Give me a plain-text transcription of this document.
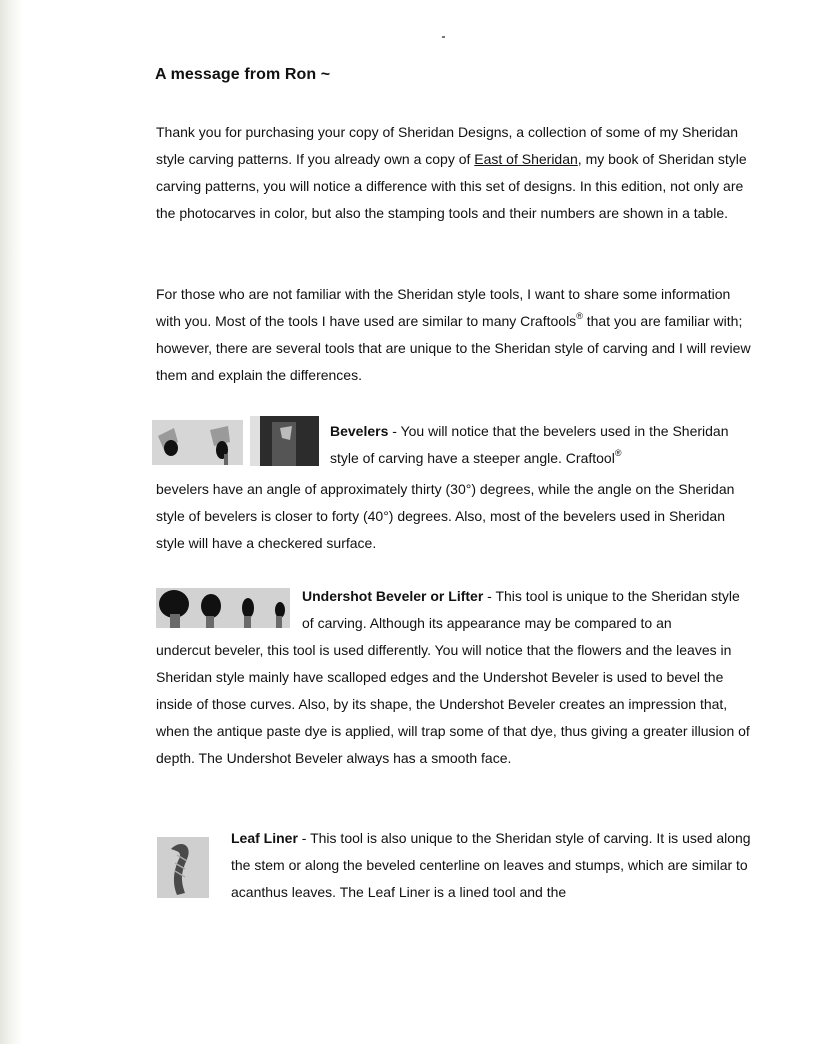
A message from Ron ~

Thank you for purchasing your copy of Sheridan Designs, a collection of some of my Sheridan style carving patterns. If you already own a copy of East of Sheridan, my book of Sheridan style carving patterns, you will notice a difference with this set of designs. In this edition, not only are the photocarves in color, but also the stamping tools and their numbers are shown in a table.

For those who are not familiar with the Sheridan style tools, I want to share some information with you. Most of the tools I have used are similar to many Craftools® that you are familiar with; however, there are several tools that are unique to the Sheridan style of carving and I will review them and explain the differences.

Bevelers - You will notice that the bevelers used in the Sheridan style of carving have a steeper angle. Craftool®

bevelers have an angle of approximately thirty (30°) degrees, while the angle on the Sheridan style of bevelers is closer to forty (40°) degrees. Also, most of the bevelers used in Sheridan style will have a checkered surface.

Undershot Beveler or Lifter - This tool is unique to the Sheridan style of carving. Although its appearance may be compared to an

undercut beveler, this tool is used differently. You will notice that the flowers and the leaves in Sheridan style mainly have scalloped edges and the Undershot Beveler is used to bevel the inside of those curves. Also, by its shape, the Undershot Beveler creates an impression that, when the antique paste dye is applied, will trap some of that dye, thus giving a greater illusion of depth. The Undershot Beveler always has a smooth face.

Leaf Liner - This tool is also unique to the Sheridan style of carving. It is used along the stem or along the beveled centerline on leaves and stumps, which are similar to acanthus leaves. The Leaf Liner is a lined tool and the
